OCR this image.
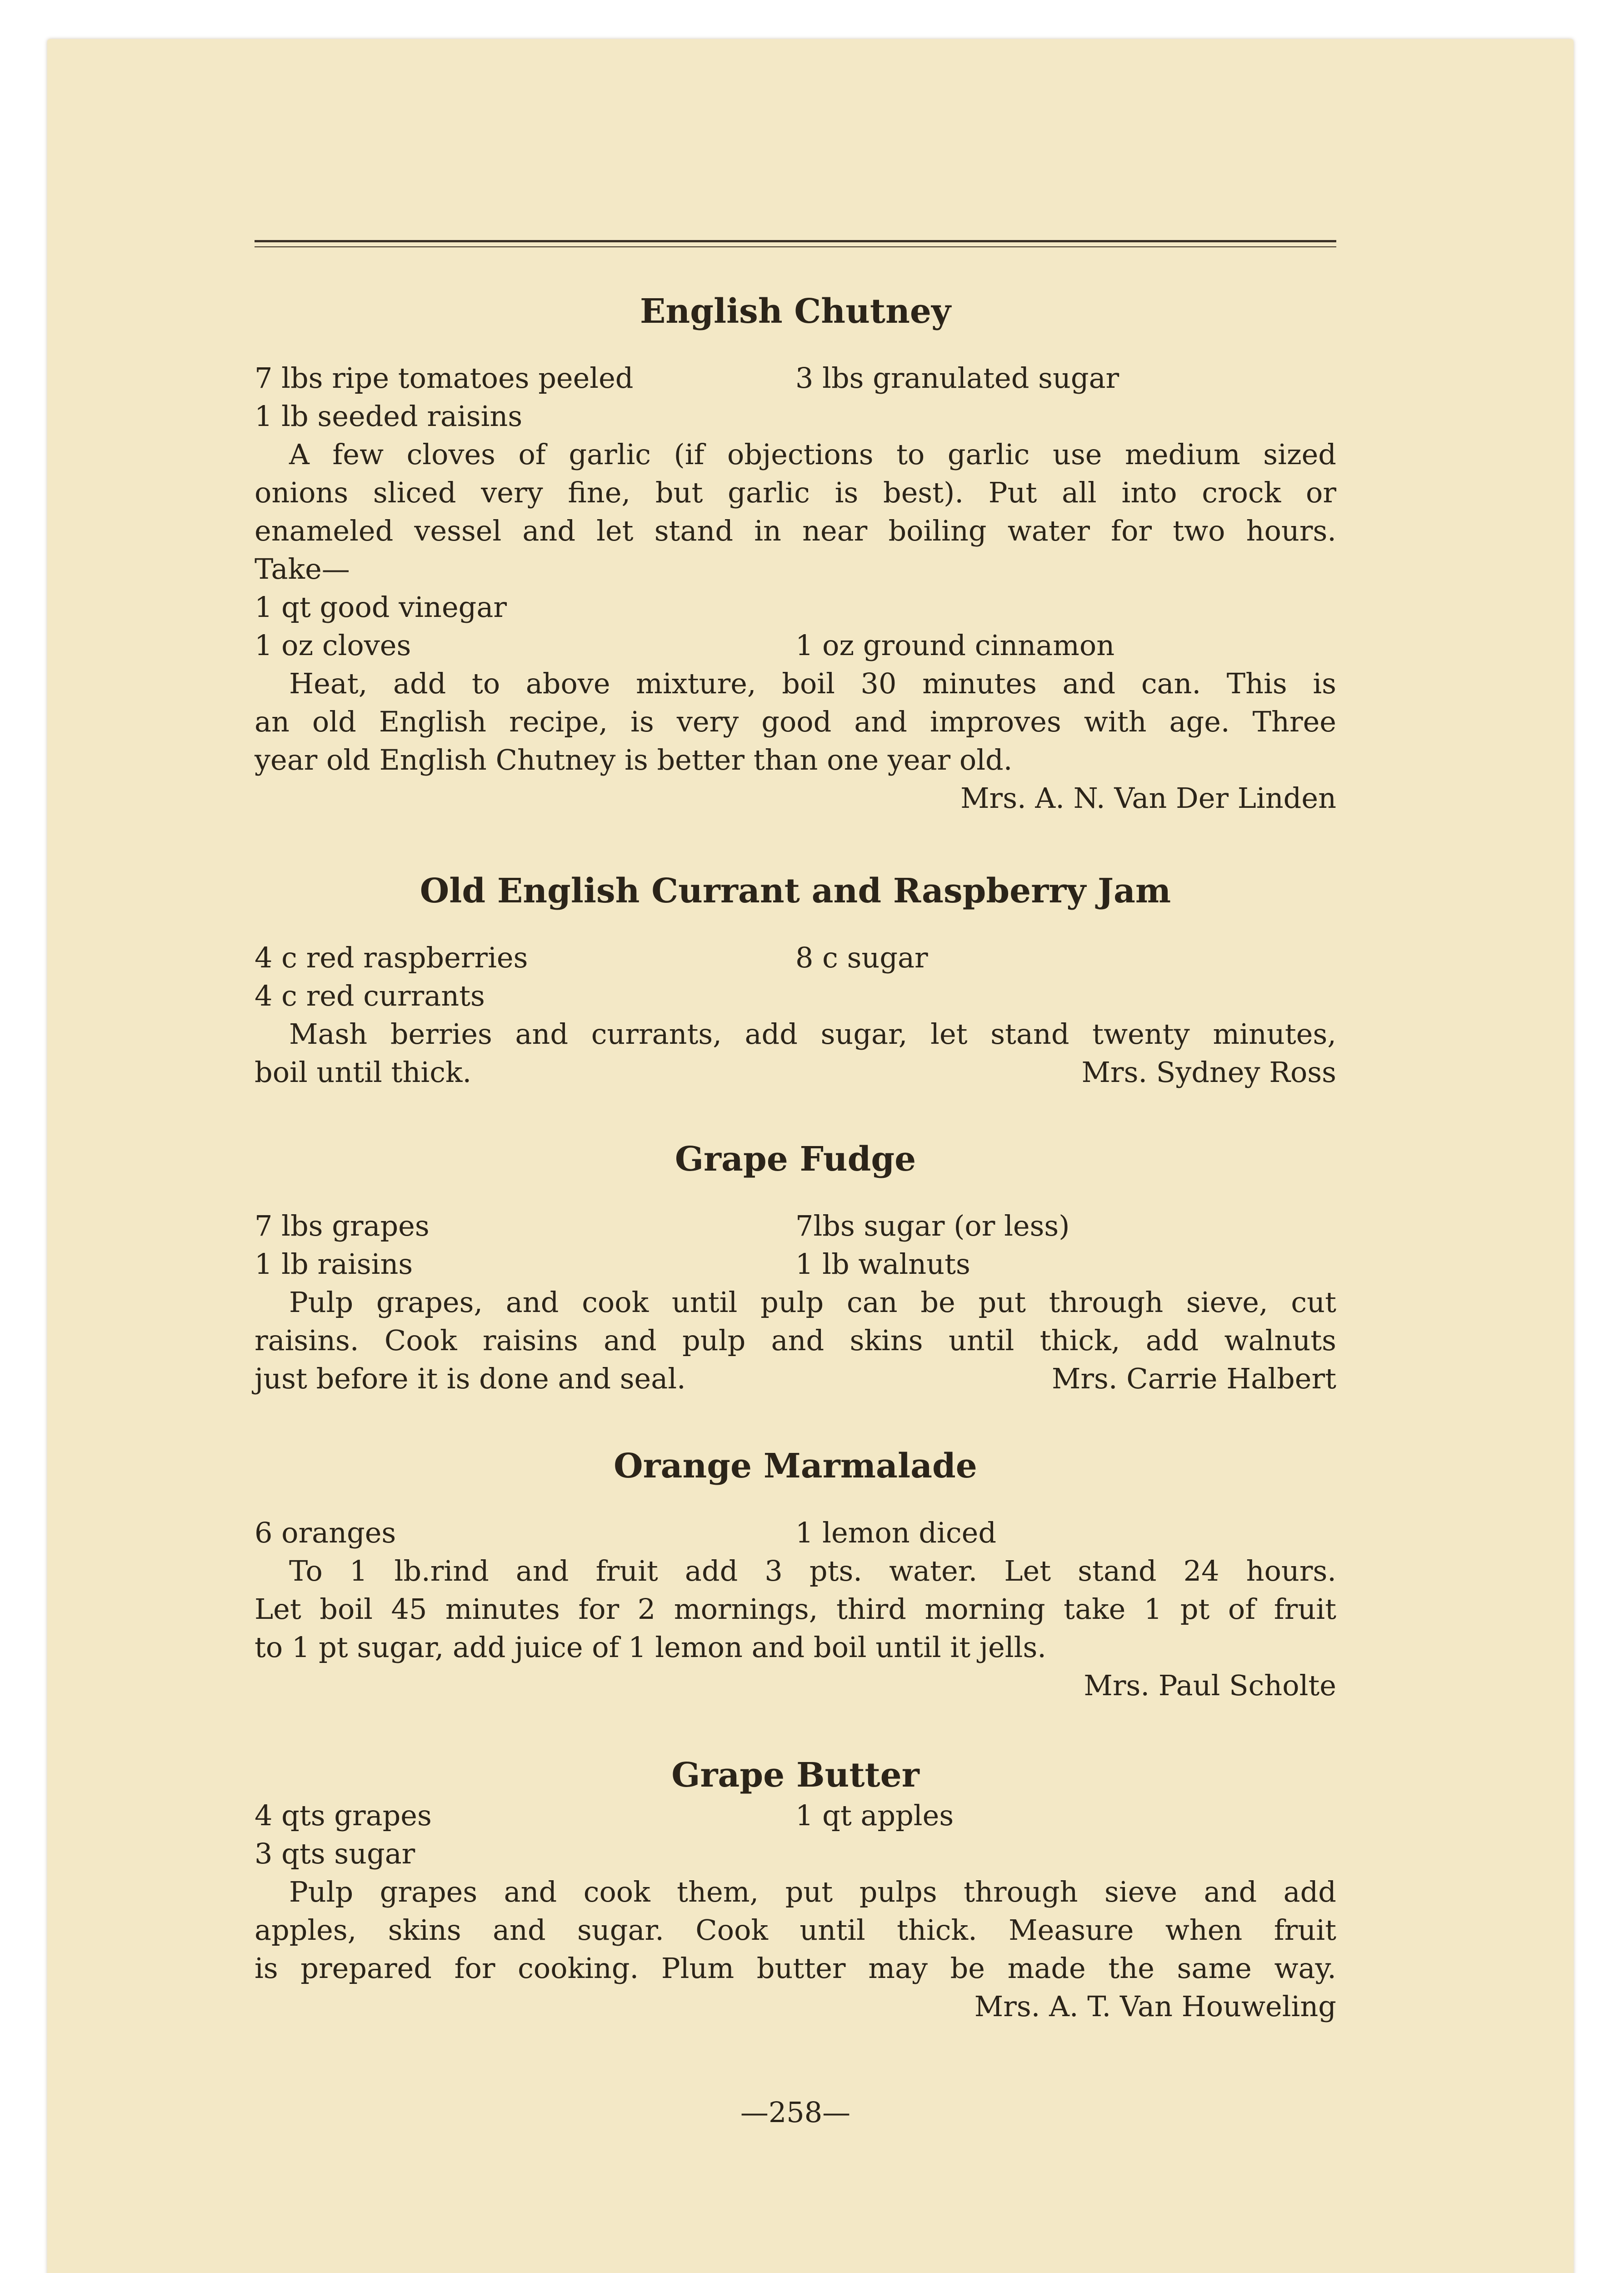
English Chutney
7 lbs ripe tomatoes peeled	3 lbs granulated sugar
1 lb seeded raisins
A few cloves of garlic (if objections to garlic use medium sized
onions sliced very fine, but garlic is best). Put all into crock or
enameled vessel and let stand in near boiling water for two hours.
Take—
1 qt good vinegar
1 oz cloves	1 oz ground cinnamon
Heat, add to above mixture, boil 30 minutes and can. This is
an old English recipe, is very good and improves with age. Three
year old English Chutney is better than one year old.
Mrs. A. N. Van Der Linden
Old English Currant and Raspberry Jam
4 c red raspberries	8 c sugar
4 c red currants
Mash berries and currants, add sugar, let stand twenty minutes,
boil until thick.	Mrs. Sydney Ross
Grape Fudge
7 lbs grapes	7lbs sugar (or less)
1 lb raisins	1 lb walnuts
Pulp grapes, and cook until pulp can be put through sieve, cut
raisins. Cook raisins and pulp and skins until thick, add walnuts
just before it is done and seal.	Mrs. Carrie Halbert
Orange Marmalade
6 oranges	1 lemon diced
To 1 lb.rind and fruit add 3 pts. water. Let stand 24 hours.
Let boil 45 minutes for 2 mornings, third morning take 1 pt of fruit
to 1 pt sugar, add juice of 1 lemon and boil until it jells.
Mrs. Paul Scholte
Grape Butter
4 qts grapes	1 qt apples
3 qts sugar
Pulp grapes and cook them, put pulps through sieve and add
apples, skins and sugar. Cook until thick. Measure when fruit
is prepared for cooking. Plum butter may be made the same way.
Mrs. A. T. Van Houweling
—258—
